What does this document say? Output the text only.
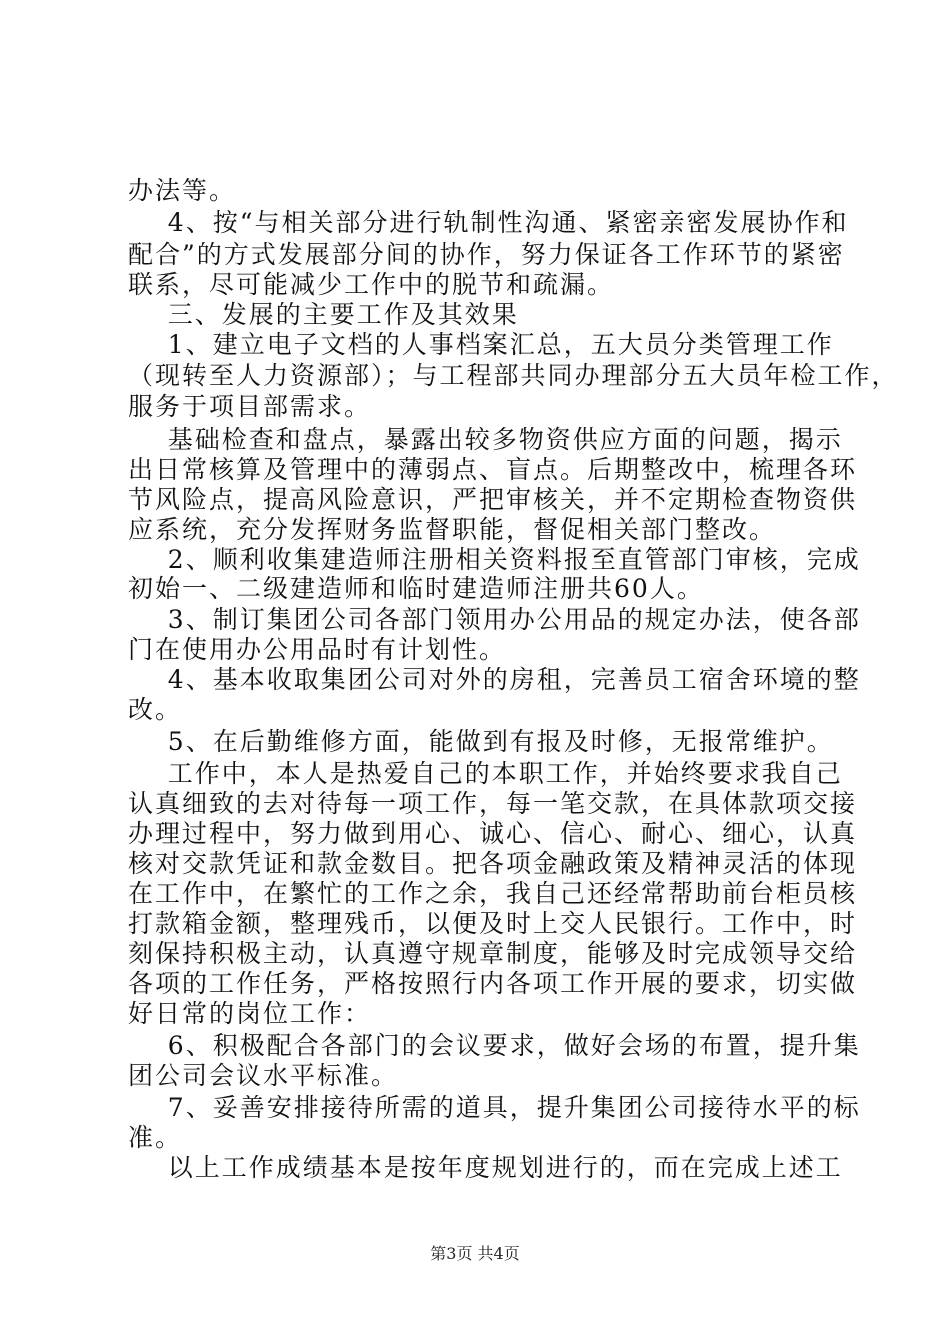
办法等。
4、按“与相关部分进行轨制性沟通、紧密亲密发展协作和
配合”的方式发展部分间的协作，努力保证各工作环节的紧密
联系，尽可能减少工作中的脱节和疏漏。
三、发展的主要工作及其效果
1、建立电子文档的人事档案汇总，五大员分类管理工作
（现转至人力资源部）；与工程部共同办理部分五大员年检工作，
服务于项目部需求。
基础检查和盘点，暴露出较多物资供应方面的问题，揭示
出日常核算及管理中的薄弱点、盲点。后期整改中，梳理各环
节风险点，提高风险意识，严把审核关，并不定期检查物资供
应系统，充分发挥财务监督职能，督促相关部门整改。
2、顺利收集建造师注册相关资料报至直管部门审核，完成
初始一、二级建造师和临时建造师注册共60人。
3、制订集团公司各部门领用办公用品的规定办法，使各部
门在使用办公用品时有计划性。
4、基本收取集团公司对外的房租，完善员工宿舍环境的整
改。
5、在后勤维修方面，能做到有报及时修，无报常维护。
工作中，本人是热爱自己的本职工作，并始终要求我自己
认真细致的去对待每一项工作，每一笔交款，在具体款项交接
办理过程中，努力做到用心、诚心、信心、耐心、细心，认真
核对交款凭证和款金数目。把各项金融政策及精神灵活的体现
在工作中，在繁忙的工作之余，我自己还经常帮助前台柜员核
打款箱金额，整理残币，以便及时上交人民银行。工作中，时
刻保持积极主动，认真遵守规章制度，能够及时完成领导交给
各项的工作任务，严格按照行内各项工作开展的要求，切实做
好日常的岗位工作：
6、积极配合各部门的会议要求，做好会场的布置，提升集
团公司会议水平标准。
7、妥善安排接待所需的道具，提升集团公司接待水平的标
准。
以上工作成绩基本是按年度规划进行的，而在完成上述工
第3页 共4页
